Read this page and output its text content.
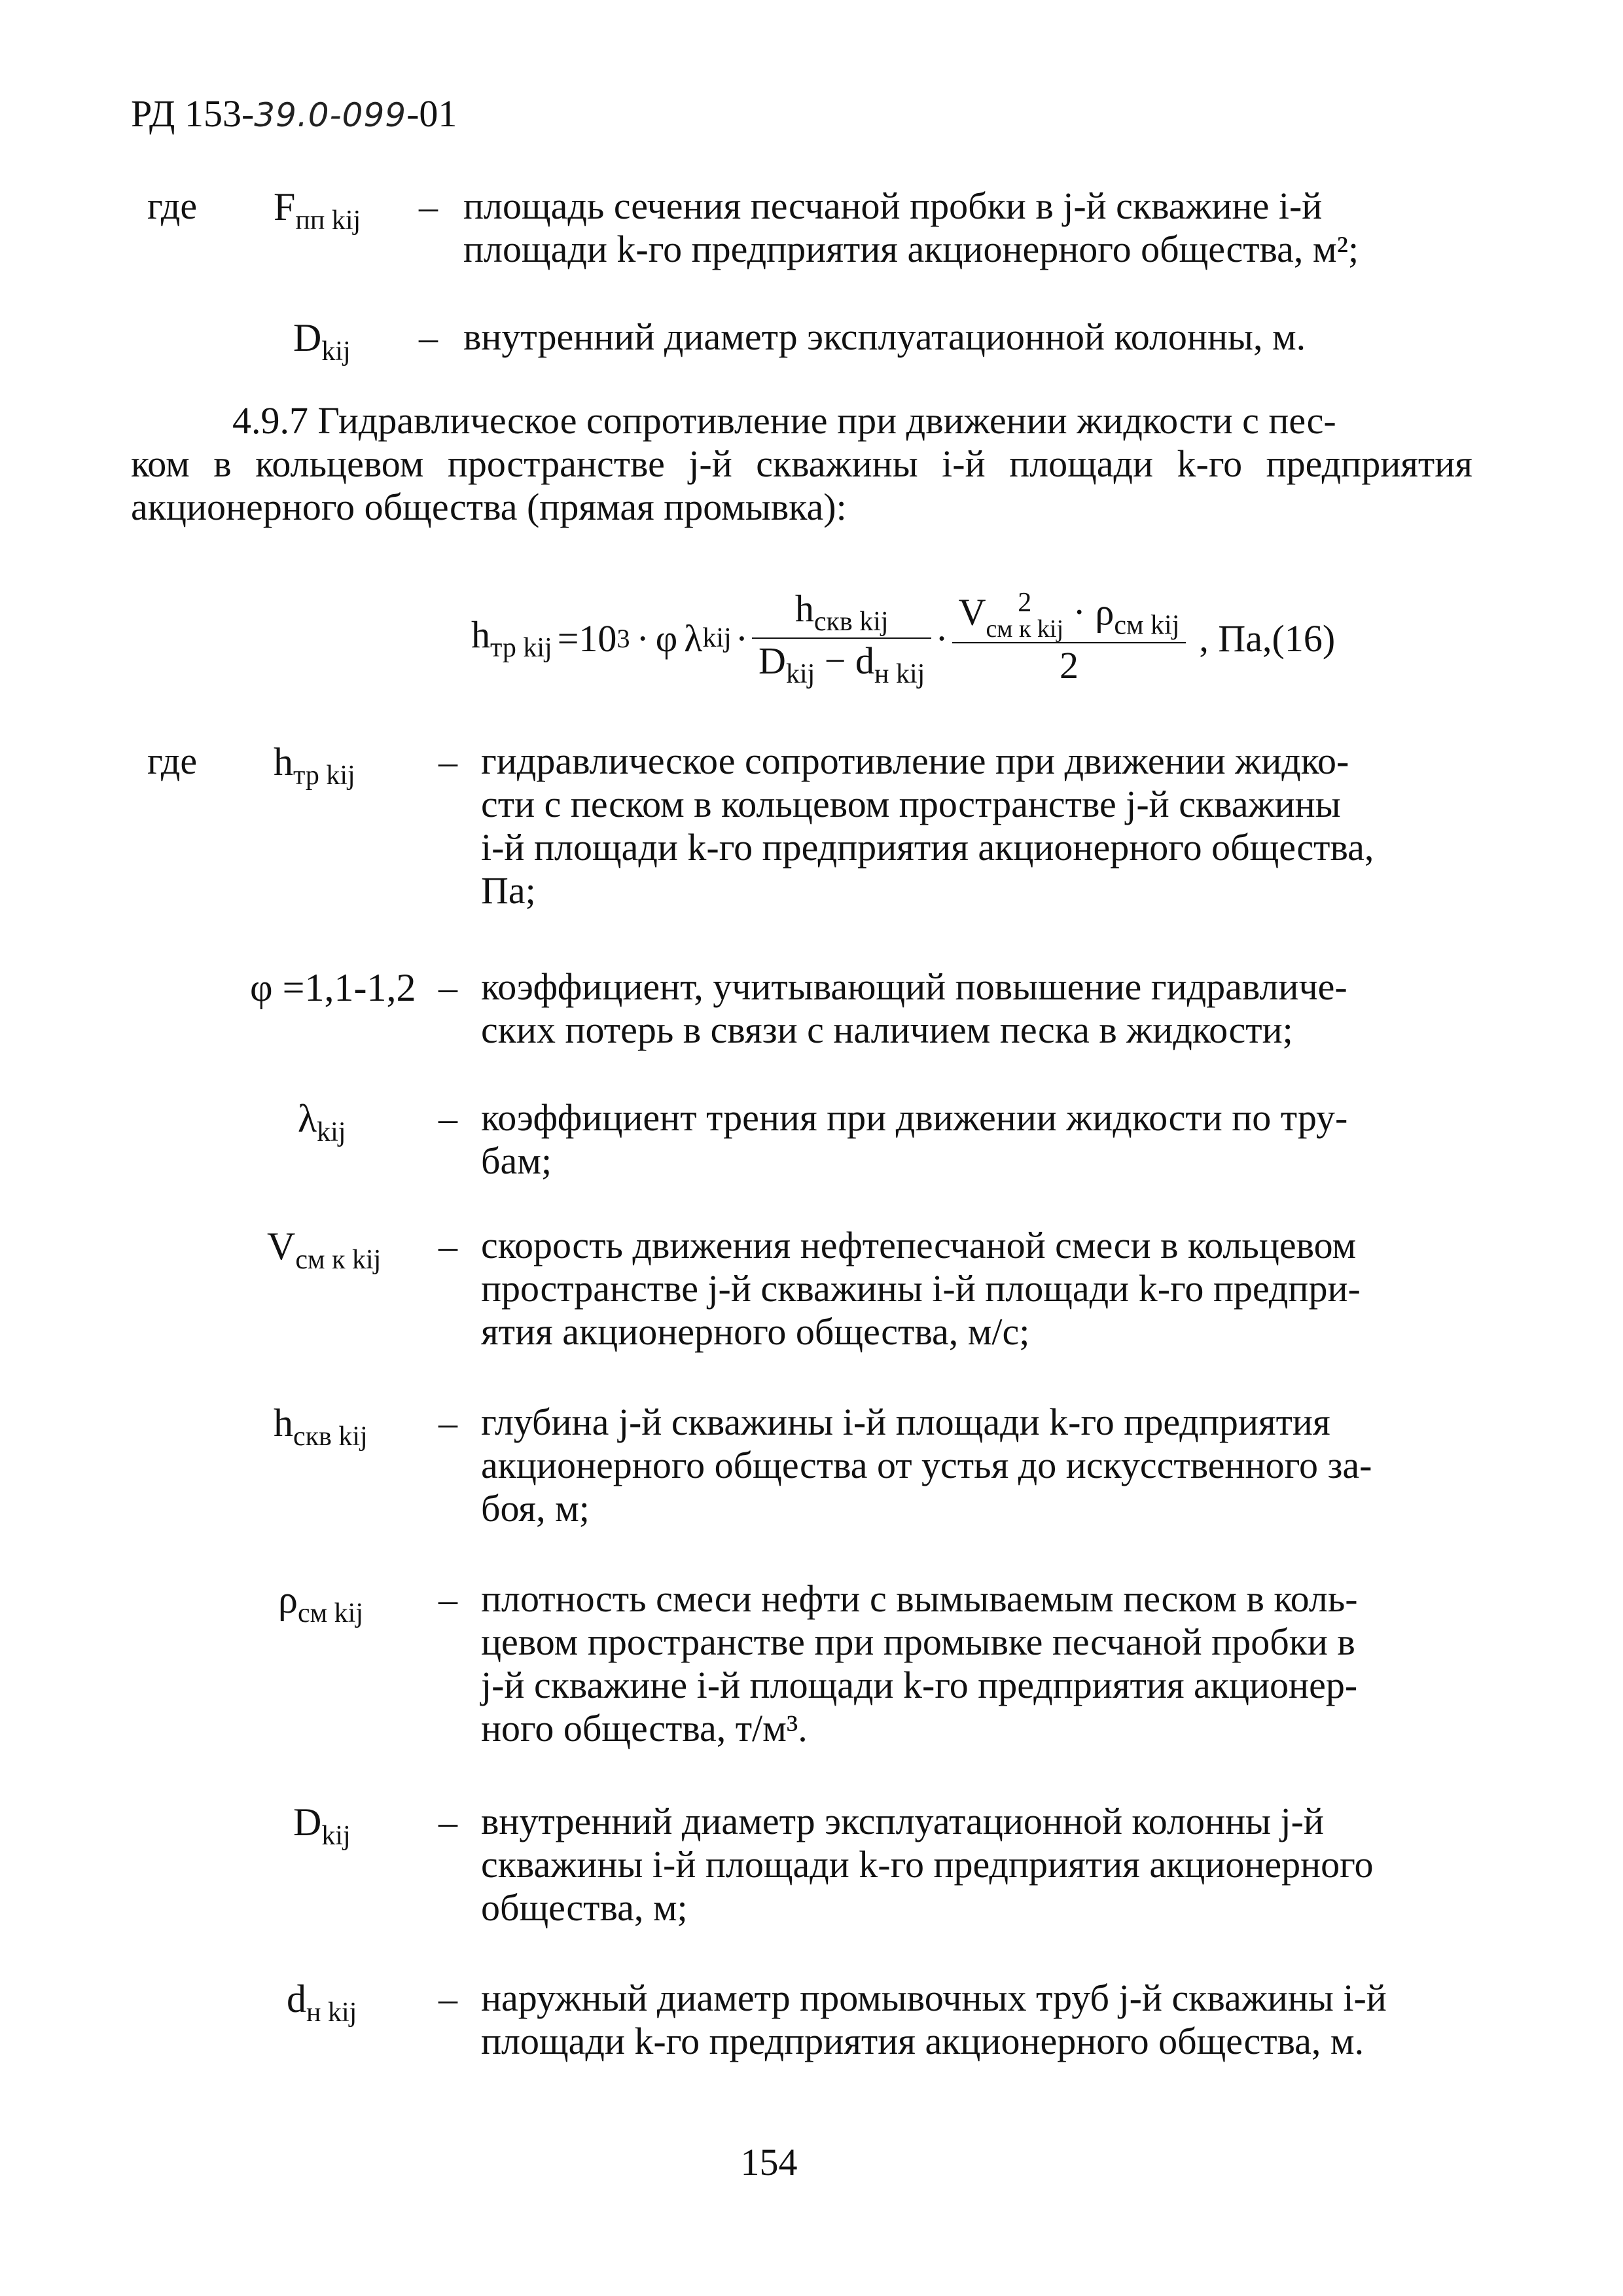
РД 153-39.0-099-01
где $F_{пп kij}$ – площадь сечения песчаной пробки в j-й скважине i-й
площади k-го предприятия акционерного общества, м²;
$D_{kij}$ – внутренний диаметр эксплуатационной колонны, м.
4.9.7 Гидравлическое сопротивление при движении жидкости с пес-
ком в кольцевом пространстве j-й скважины i-й площади k-го предприятия
акционерного общества (прямая промывка):
$h_{тр kij} =10$ 3 · φ λ kij · $\frac{h_{скв kij}}{D_{kij} - d_{н kij}} \cdot V$	2
см к kij · $\rho_{см kij}$
2 , Па,(16)
где $h_{тр kij}$ – гидравлическое сопротивление при движении жидко-
сти с песком в кольцевом пространстве j-й скважины
i-й площади k-го предприятия акционерного общества,
Па;
φ =1,1-1,2 – коэффициент, учитывающий повышение гидравличе-
ских потерь в связи с наличием песка в жидкости;
$\lambda_{kij}$ – коэффициент трения при движении жидкости по тру-
бам;
$V_{см к kij}$ – скорость движения нефтепесчаной смеси в кольцевом
пространстве j-й скважины i-й площади k-го предпри-
ятия акционерного общества, м/с;
$h_{скв kij}$ – глубина j-й скважины i-й площади k-го предприятия
акционерного общества от устья до искусственного за-
боя, м;
$\rho_{см kij}$ – плотность смеси нефти с вымываемым песком в коль-
цевом пространстве при промывке песчаной пробки в
j-й скважине i-й площади k-го предприятия акционер-
ного общества, т/м³.
$D_{kij}$ – внутренний диаметр эксплуатационной колонны j-й
скважины i-й площади k-го предприятия акционерного
общества, м;
$d_{н kij}$ – наружный диаметр промывочных труб j-й скважины i-й
площади k-го предприятия акционерного общества, м.
154
